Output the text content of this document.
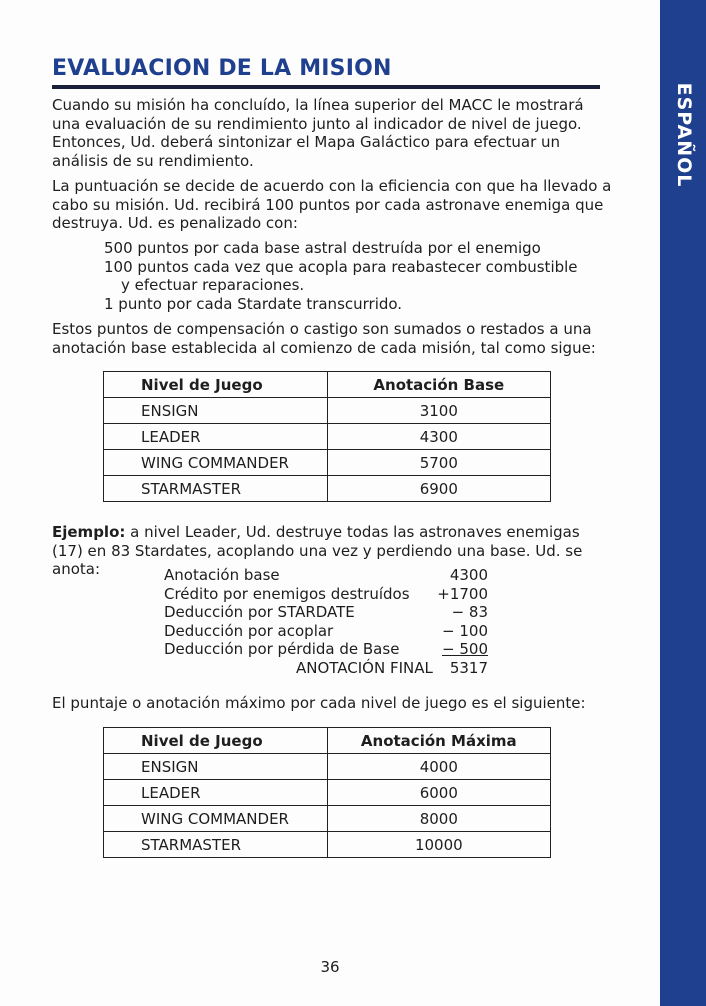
ESPAÑOL
EVALUACION DE LA MISION

Cuando su misión ha concluído, la línea superior del MACC le mostrará una evaluación de su rendimiento junto al indicador de nivel de juego. Entonces, Ud. deberá sintonizar el Mapa Galáctico para efectuar un análisis de su rendimiento.

La puntuación se decide de acuerdo con la eficiencia con que ha llevado a cabo su misión. Ud. recibirá 100 puntos por cada astronave enemiga que destruya. Ud. es penalizado con:

500 puntos por cada base astral destruída por el enemigo
100 puntos cada vez que acopla para reabastecer combustible
y efectuar reparaciones.
1 punto por cada Stardate transcurrido.

Estos puntos de compensación o castigo son sumados o restados a una anotación base establecida al comienzo de cada misión, tal como sigue:

Nivel de Juego	Anotación Base
ENSIGN	3100
LEADER	4300
WING COMMANDER	5700
STARMASTER	6900

Ejemplo: a nivel Leader, Ud. destruye todas las astronaves enemigas (17) en 83 Stardates, acoplando una vez y perdiendo una base. Ud. se anota:	Anotación base	4300
Crédito por enemigos destruídos +1700
Deducción por STARDATE	− 83
Deducción por acoplar	− 100
Deducción por pérdida de Base	− 500
ANOTACIÓN FINAL 5317

El puntaje o anotación máximo por cada nivel de juego es el siguiente:

Nivel de Juego	Anotación Máxima
ENSIGN	4000
LEADER	6000
WING COMMANDER	8000
STARMASTER	10000
36
